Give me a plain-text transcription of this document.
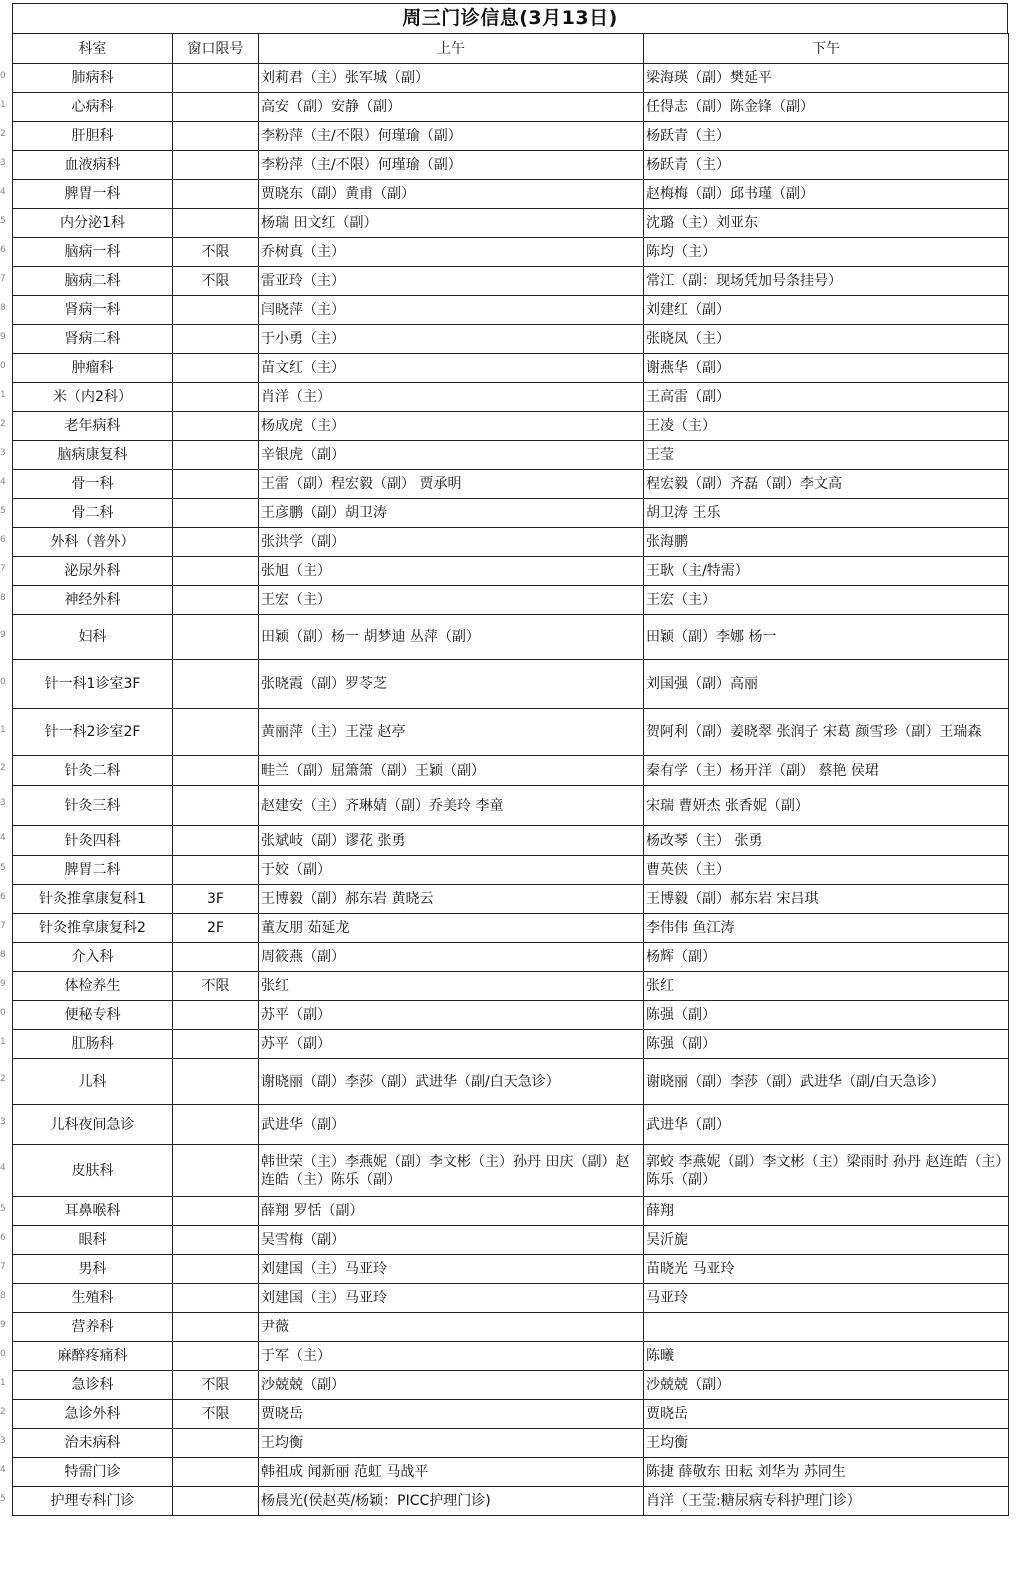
0
1
2
3
4
5
6
7
8
9
0
1
2
3
4
5
6
7
8
9
0
1
2
3
4
5
6
7
8
9
0
1
2
3
4
5
6
7
8
9
0
1
2
3
4
5
周三门诊信息(3月13日)
科室	窗口限号	上午	下午
肺病科		刘莉君（主）张军城（副）	梁海瑛（副）樊延平
心病科		高安（副）安静（副）	任得志（副）陈金锋（副）
肝胆科		李粉萍（主/不限）何瑾瑜（副）	杨跃青（主）
血液病科		李粉萍（主/不限）何瑾瑜（副）	杨跃青（主）
脾胃一科		贾晓东（副）黄甫（副）	赵梅梅（副）邱书瑾（副）
内分泌1科		杨瑞 田文红（副）	沈璐（主）刘亚东
脑病一科	不限	乔树真（主）	陈均（主）
脑病二科	不限	雷亚玲（主）	常江（副：现场凭加号条挂号）
肾病一科		闫晓萍（主）	刘建红（副）
肾病二科		于小勇（主）	张晓凤（主）
肿瘤科		苗文红（主）	谢燕华（副）
米（内2科）		肖洋（主）	王高雷（副）
老年病科		杨成虎（主）	王凌（主）
脑病康复科		辛银虎（副）	王莹
骨一科		王雷（副）程宏毅（副） 贾承明	程宏毅（副）齐磊（副）李文高
骨二科		王彦鹏（副）胡卫涛	胡卫涛 王乐
外科（普外）		张洪学（副）	张海鹏
泌尿外科		张旭（主）	王耿（主/特需）
神经外科		王宏（主）	王宏（主）
妇科		田颖（副）杨一 胡梦迪 丛萍（副）	田颖（副）李娜 杨一
针一科1诊室3F		张晓霞（副）罗苓芝	刘国强（副）高丽
针一科2诊室2F		黄丽萍（主）王滢 赵亭	贺阿利（副）姜晓翠 张润子 宋葛 颜雪珍（副）王瑞森
针灸二科		畦兰（副）屈箫箫（副）王颖（副）	秦有学（主）杨开洋（副） 蔡艳 侯珺
针灸三科		赵建安（主）齐琳婧（副）乔美玲 李童	宋瑞 曹妍杰 张香妮（副）
针灸四科		张斌岐（副）谬花 张勇	杨改琴（主） 张勇
脾胃二科		于姣（副）	曹英侠（主）
针灸推拿康复科1	3F	王博毅（副）郝东岩 黄晓云	王博毅（副）郝东岩 宋吕琪
针灸推拿康复科2	2F	董友朋 茹延龙	李伟伟 鱼江涛
介入科		周筱燕（副）	杨辉（副）
体检养生	不限	张红	张红
便秘专科		苏平（副）	陈强（副）
肛肠科		苏平（副）	陈强（副）
儿科		谢晓丽（副）李莎（副）武进华（副/白天急诊）	谢晓丽（副）李莎（副）武进华（副/白天急诊）
儿科夜间急诊		武进华（副）	武进华（副）
皮肤科		韩世荣（主）李燕妮（副）李文彬（主）孙丹 田庆（副）赵连皓（主）陈乐（副）	郭蛟 李燕妮（副）李文彬（主）梁雨时 孙丹 赵连皓（主）陈乐（副）
耳鼻喉科		薛翔 罗恬（副）	薛翔
眼科		吴雪梅（副）	吴沂旎
男科		刘建国（主）马亚玲	苗晓光 马亚玲
生殖科		刘建国（主）马亚玲	马亚玲
营养科		尹薇	
麻醉疼痛科		于军（主）	陈曦
急诊科	不限	沙兢兢（副）	沙兢兢（副）
急诊外科	不限	贾晓岳	贾晓岳
治未病科		王均衡	王均衡
特需门诊		韩祖成 闻新丽 范虹 马战平	陈捷 薛敬东 田耘 刘华为 苏同生
护理专科门诊		杨晨光(侯赵英/杨颖：PICC护理门诊)	肖洋（王莹:糖尿病专科护理门诊）
